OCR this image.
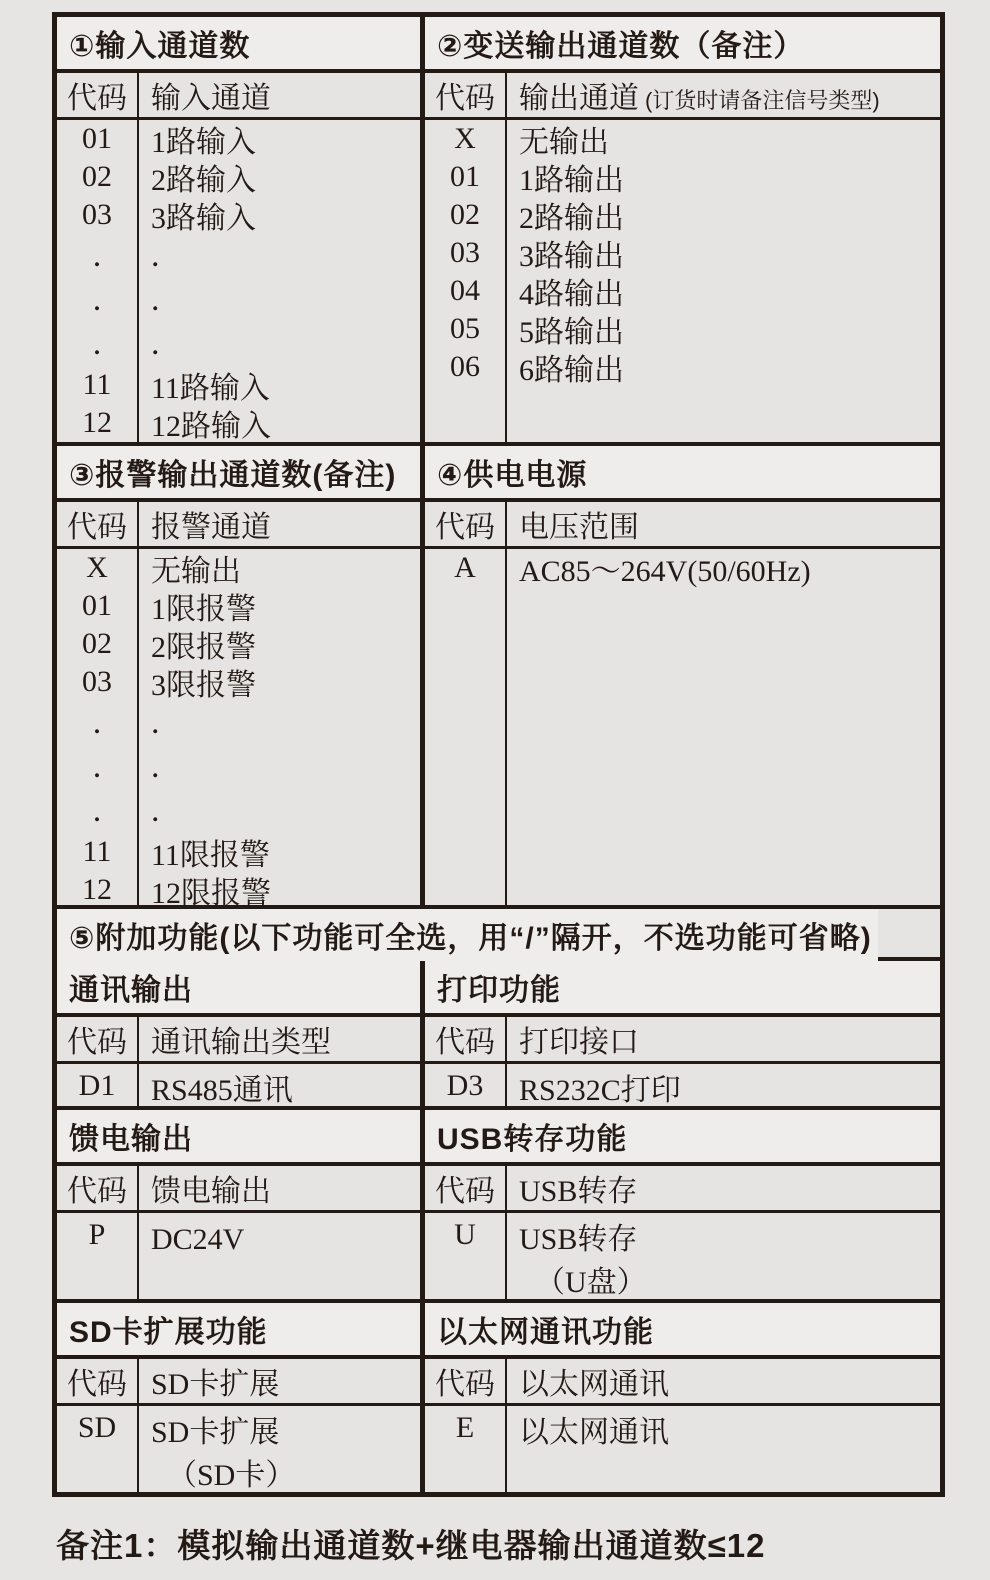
①输入通道数
代码 输入通道
01	1路输入
02	2路输入
03	3路输入
.	.
.	.
.	.
11	11路输入
12	12路输入
②变送输出通道数（备注）
代码 输出通道 (订货时请备注信号类型)
X	无输出
01	1路输出
02	2路输出
03	3路输出
04	4路输出
05	5路输出
06	6路输出
③报警输出通道数(备注)
代码 报警通道
X	无输出
01	1限报警
02	2限报警
03	3限报警
.	.
.	.
.	.
11	11限报警
12	12限报警
④供电电源
代码 电压范围
A	AC85～264V(50/60Hz)
⑤附加功能(以下功能可全选，用“/”隔开，不选功能可省略)
通讯输出
代码 通讯输出类型
D1	RS485通讯
打印功能
代码 打印接口
D3	RS232C打印
馈电输出
代码 馈电输出
P	DC24V
USB转存功能
代码 USB转存
U	USB转存
（U盘）
SD卡扩展功能
代码 SD卡扩展
SD	SD卡扩展
（SD卡）
以太网通讯功能
代码 以太网通讯
E	以太网通讯
备注1：模拟输出通道数+继电器输出通道数≤12
